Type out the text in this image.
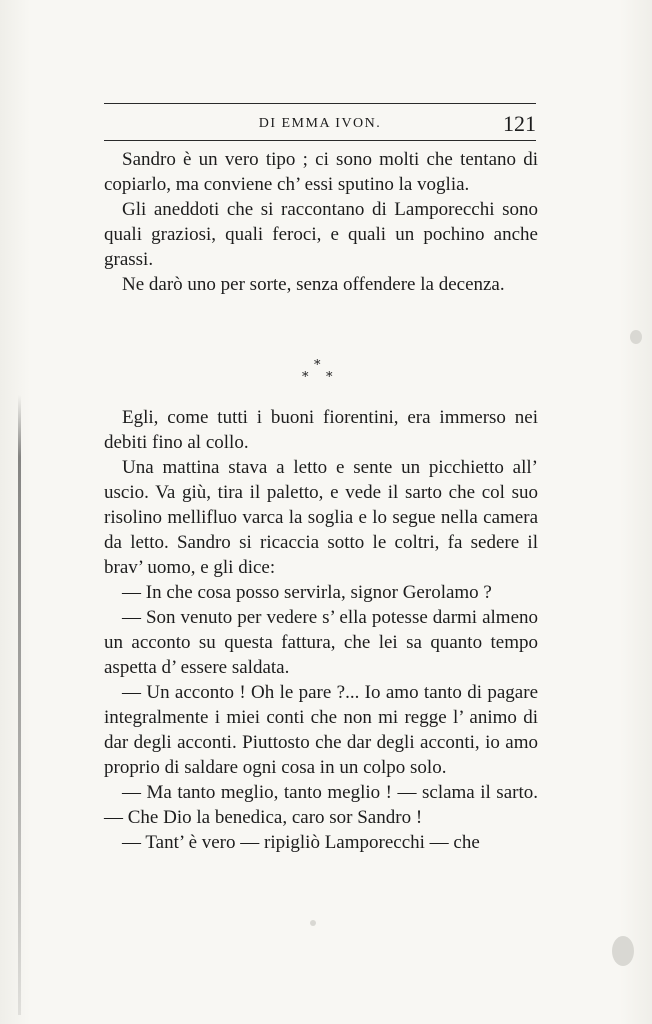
DI EMMA IVON.	121

Sandro è un vero tipo ; ci sono molti che tentano di copiarlo, ma conviene ch’ essi sputino la voglia.

Gli aneddoti che si raccontano di Lamporecchi sono quali graziosi, quali feroci, e quali un pochino anche grassi.

Ne darò uno per sorte, senza offendere la decenza.

*
* *

Egli, come tutti i buoni fiorentini, era immerso nei debiti fino al collo.

Una mattina stava a letto e sente un picchietto all’ uscio. Va giù, tira il paletto, e vede il sarto che col suo risolino mellifluo varca la soglia e lo segue nella camera da letto. Sandro si ricaccia sotto le coltri, fa sedere il brav’ uomo, e gli dice:

— In che cosa posso servirla, signor Gerolamo ?

— Son venuto per vedere s’ ella potesse darmi almeno un acconto su questa fattura, che lei sa quanto tempo aspetta d’ essere saldata.

— Un acconto ! Oh le pare ?... Io amo tanto di pagare integralmente i miei conti che non mi regge l’ animo di dar degli acconti. Piuttosto che dar degli acconti, io amo proprio di saldare ogni cosa in un colpo solo.

— Ma tanto meglio, tanto meglio ! — sclama il sarto. — Che Dio la benedica, caro sor Sandro !

— Tant’ è vero — ripigliò Lamporecchi — che
